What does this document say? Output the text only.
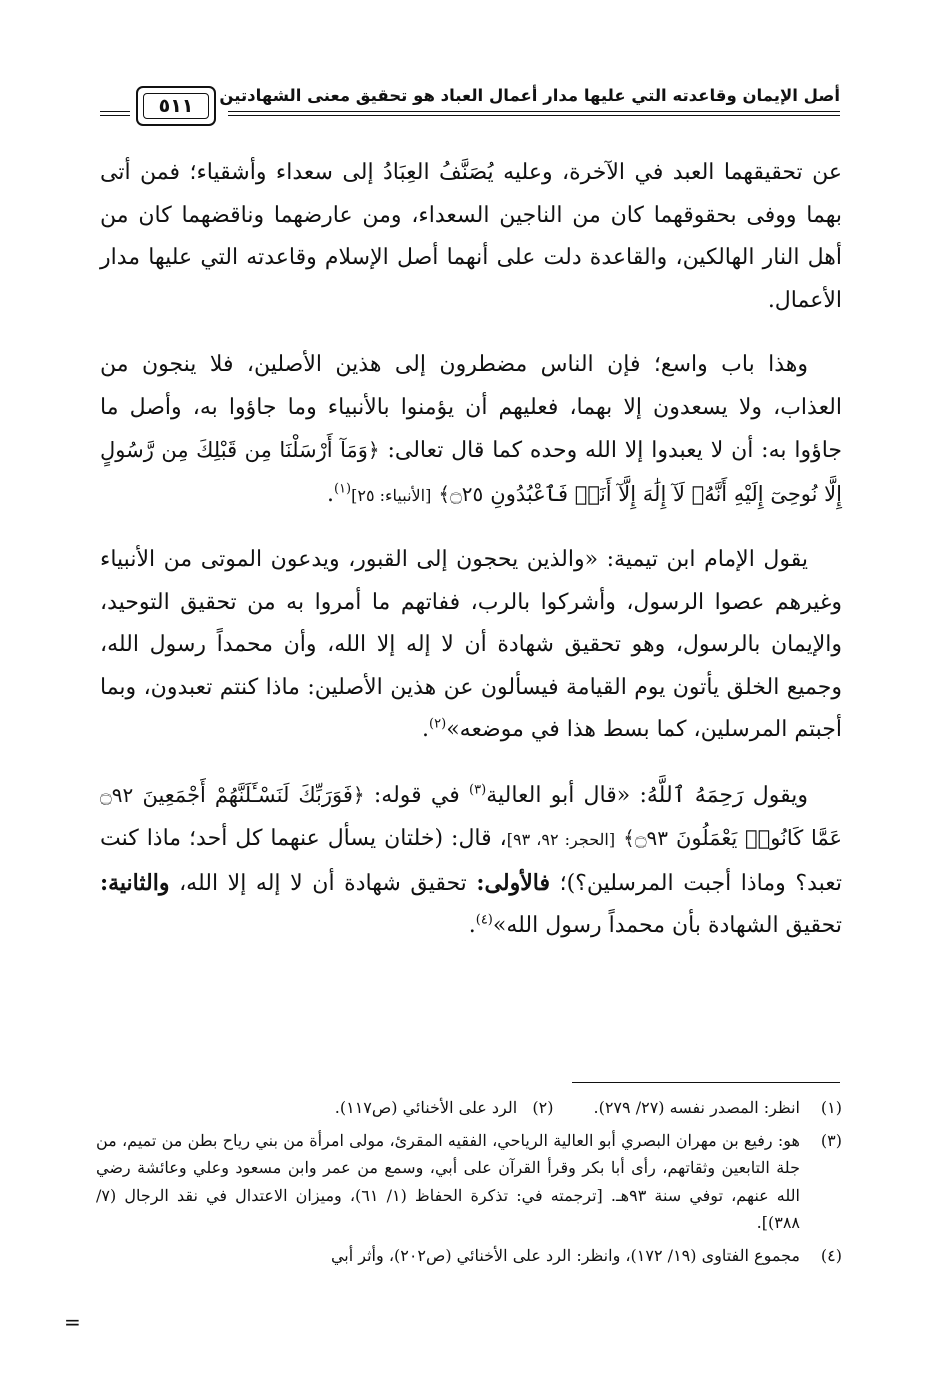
أصل الإيمان وقاعدته التي عليها مدار أعمال العباد هو تحقيق معنى الشهادتين
٥١١

عن تحقيقهما العبد في الآخرة، وعليه يُصَنَّفُ العِبَادُ إلى سعداء وأشقياء؛ فمن أتى بهما ووفى بحقوقهما كان من الناجين السعداء، ومن عارضهما وناقضهما كان من أهل النار الهالكين، والقاعدة دلت على أنهما أصل الإسلام وقاعدته التي عليها مدار الأعمال.

وهذا باب واسع؛ فإن الناس مضطرون إلى هذين الأصلين، فلا ينجون من العذاب، ولا يسعدون إلا بهما، فعليهم أن يؤمنوا بالأنبياء وما جاؤوا به، وأصل ما جاؤوا به: أن لا يعبدوا إلا الله وحده كما قال تعالى: ﴿وَمَآ أَرْسَلْنَا مِن قَبْلِكَ مِن رَّسُولٍ إِلَّا نُوحِىٓ إِلَيْهِ أَنَّهُۥ لَآ إِلَٰهَ إِلَّآ أَنَا۠ فَٱعْبُدُونِ ۝٢٥﴾ [الأنبياء: ٢٥]$^{(١)}$.

يقول الإمام ابن تيمية: «والذين يحجون إلى القبور، ويدعون الموتى من الأنبياء وغيرهم عصوا الرسول، وأشركوا بالرب، ففاتهم ما أمروا به من تحقيق التوحيد، والإيمان بالرسول، وهو تحقيق شهادة أن لا إله إلا الله، وأن محمداً رسول الله، وجميع الخلق يأتون يوم القيامة فيسألون عن هذين الأصلين: ماذا كنتم تعبدون، وبما أجبتم المرسلين، كما بسط هذا في موضعه»$^{(٢)}$.

ويقول رَحِمَهُ ٱللَّهُ: «قال أبو العالية$^{(٣)}$ في قوله: ﴿فَوَرَبِّكَ لَنَسْـَٔلَنَّهُمْ أَجْمَعِينَ ۝٩٢ عَمَّا كَانُوا۟ يَعْمَلُونَ ۝٩٣﴾ [الحجر: ٩٢، ٩٣]، قال: (خلتان يسأل عنهما كل أحد؛ ماذا كنت تعبد؟ وماذا أجبت المرسلين؟)؛ فالأولى: تحقيق شهادة أن لا إله إلا الله، والثانية: تحقيق الشهادة بأن محمداً رسول الله»$^{(٤)}$.

(١)
انظر: المصدر نفسه (٢٧/ ٢٧٩).(٢)   الرد على الأخنائي (ص١١٧).
(٣)
هو: رفيع بن مهران البصري أبو العالية الرياحي، الفقيه المقرئ، مولى امرأة من بني رياح بطن من تميم، من جلة التابعين وثقاتهم، رأى أبا بكر وقرأ القرآن على أبي، وسمع من عمر وابن مسعود وعلي وعائشة رضي الله عنهم، توفي سنة ٩٣هـ. [ترجمته في: تذكرة الحفاظ (١/ ٦١)، وميزان الاعتدال في نقد الرجال (٧/ ٣٨٨)].
(٤)
مجموع الفتاوى (١٩/ ١٧٢)، وانظر: الرد على الأخنائي (ص٢٠٢)، وأثر أبي
=
